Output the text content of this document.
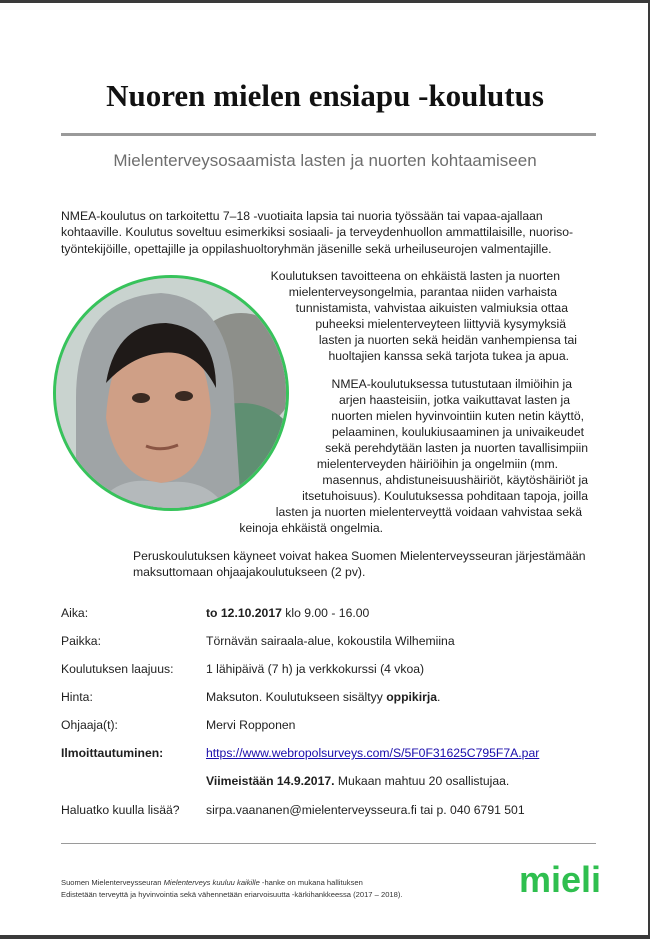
Nuoren mielen ensiapu -koulutus
Mielenterveysosaamista lasten ja nuorten kohtaamiseen
NMEA-koulutus on tarkoitettu 7–18 -vuotiaita lapsia tai nuoria työssään tai vapaa-ajallaan
kohtaaville. Koulutus soveltuu esimerkiksi sosiaali- ja terveydenhuollon ammattilaisille, nuoriso-
työntekijöille, opettajille ja oppilashuoltoryhmän jäsenille sekä urheiluseurojen valmentajille.
Koulutuksen tavoitteena on ehkäistä lasten ja nuorten
mielenterveysongelmia, parantaa niiden varhaista
tunnistamista, vahvistaa aikuisten valmiuksia ottaa
puheeksi mielenterveyteen liittyviä kysymyksiä
lasten ja nuorten sekä heidän vanhempiensa tai
huoltajien kanssa sekä tarjota tukea ja apua.
NMEA-koulutuksessa tutustutaan ilmiöihin ja
arjen haasteisiin, jotka vaikuttavat lasten ja
nuorten mielen hyvinvointiin kuten netin käyttö,
pelaaminen, koulukiusaaminen ja univaikeudet
sekä perehdytään lasten ja nuorten tavallisimpiin
mielenterveyden häiriöihin ja ongelmiin (mm.
masennus, ahdistuneisuushäiriöt, käytöshäiriöt ja
itsetuhoisuus). Koulutuksessa pohditaan tapoja, joilla
lasten ja nuorten mielenterveyttä voidaan vahvistaa sekä
keinoja ehkäistä ongelmia.
Peruskoulutuksen käyneet voivat hakea Suomen Mielenterveysseuran järjestämään
maksuttomaan ohjaajakoulutukseen (2 pv).
Aika:	to 12.10.2017 klo 9.00 - 16.00
Paikka:	Törnävän sairaala-alue, kokoustila Wilhemiina
Koulutuksen laajuus:	1 lähipäivä (7 h) ja verkkokurssi (4 vkoa)
Hinta:	Maksuton. Koulutukseen sisältyy oppikirja.
Ohjaaja(t):	Mervi Ropponen
Ilmoittautuminen:	https://www.webropolsurveys.com/S/5F0F31625C795F7A.par
Viimeistään 14.9.2017. Mukaan mahtuu 20 osallistujaa.
Haluatko kuulla lisää? sirpa.vaananen@mielenterveysseura.fi tai p. 040 6791 501
Suomen Mielenterveysseuran Mielenterveys kuuluu kaikille -hanke on mukana hallituksen
Edistetään terveyttä ja hyvinvointia sekä vähennetään eriarvoisuutta -kärkihankkeessa (2017 – 2018).	mieli
